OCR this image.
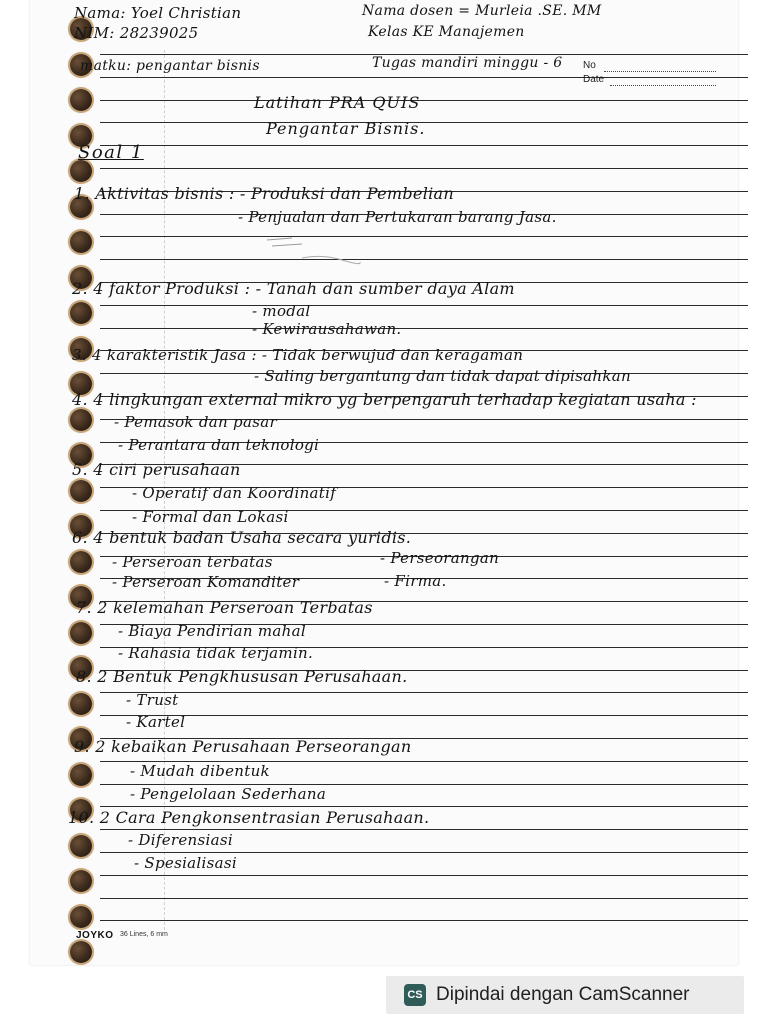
Nama: Yoel Christian
NIM: 28239025
Nama dosen = Murleia .SE. MM
Kelas KE Manajemen
matku: pengantar bisnis	Tugas mandiri minggu - 6 No
Date
Latihan PRA QUIS
Pengantar Bisnis.
Soal 1
1. Aktivitas bisnis : - Produksi dan Pembelian
- Penjualan dan Pertukaran barang Jasa.
2. 4 faktor Produksi : - Tanah dan sumber daya Alam
- modal
- Kewirausahawan.
3. 4 karakteristik Jasa : - Tidak berwujud dan keragaman
- Saling bergantung dan tidak dapat dipisahkan
4. 4 lingkungan external mikro yg berpengaruh terhadap kegiatan usaha :
- Pemasok dan pasar
- Perantara dan teknologi
5. 4 ciri perusahaan
- Operatif dan Koordinatif
- Formal dan Lokasi
6. 4 bentuk badan Usaha secara yuridis.
- Perseroan terbatas	- Perseorangan
- Perseroan Komanditer	- Firma.
7. 2 kelemahan Perseroan Terbatas
- Biaya Pendirian mahal
- Rahasia tidak terjamin.
8. 2 Bentuk Pengkhususan Perusahaan.
- Trust
- Kartel
9. 2 kebaikan Perusahaan Perseorangan
- Mudah dibentuk
- Pengelolaan Sederhana
10. 2 Cara Pengkonsentrasian Perusahaan.
- Diferensiasi
- Spesialisasi
JOYKO 36 Lines, 6 mm
CS Dipindai dengan CamScanner
